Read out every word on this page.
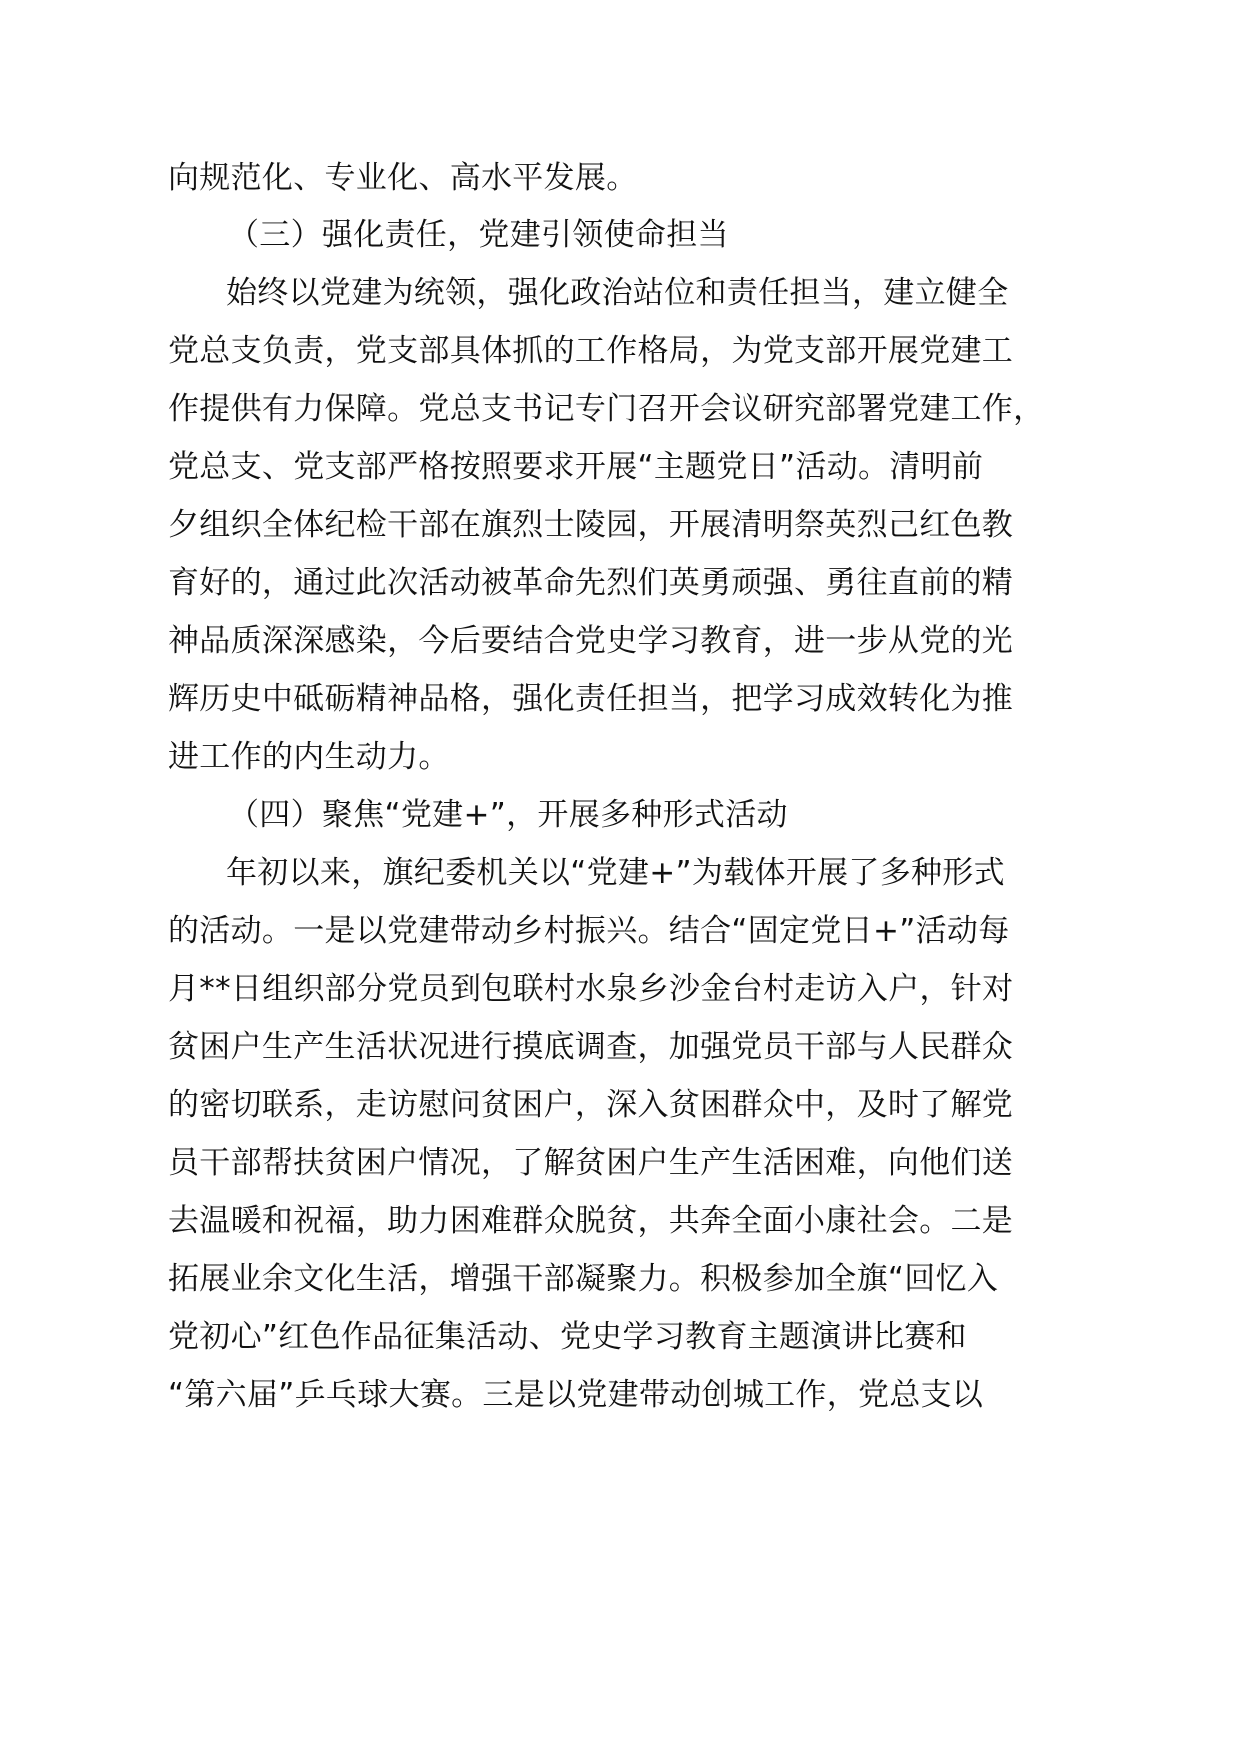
向规范化、专业化、高水平发展。
（三）强化责任，党建引领使命担当
始终以党建为统领，强化政治站位和责任担当，建立健全
党总支负责，党支部具体抓的工作格局，为党支部开展党建工
作提供有力保障。党总支书记专门召开会议研究部署党建工作，
党总支、党支部严格按照要求开展“主题党日”活动。清明前
夕组织全体纪检干部在旗烈士陵园，开展清明祭英烈己红色教
育好的，通过此次活动被革命先烈们英勇顽强、勇往直前的精
神品质深深感染，今后要结合党史学习教育，进一步从党的光
辉历史中砥砺精神品格，强化责任担当，把学习成效转化为推
进工作的内生动力。
（四）聚焦“党建+”，开展多种形式活动
年初以来，旗纪委机关以“党建+”为载体开展了多种形式
的活动。一是以党建带动乡村振兴。结合“固定党日+”活动每
月**日组织部分党员到包联村水泉乡沙金台村走访入户，针对
贫困户生产生活状况进行摸底调查，加强党员干部与人民群众
的密切联系，走访慰问贫困户，深入贫困群众中，及时了解党
员干部帮扶贫困户情况，了解贫困户生产生活困难，向他们送
去温暖和祝福，助力困难群众脱贫，共奔全面小康社会。二是
拓展业余文化生活，增强干部凝聚力。积极参加全旗“回忆入
党初心”红色作品征集活动、党史学习教育主题演讲比赛和
“第六届”乒乓球大赛。三是以党建带动创城工作，党总支以
